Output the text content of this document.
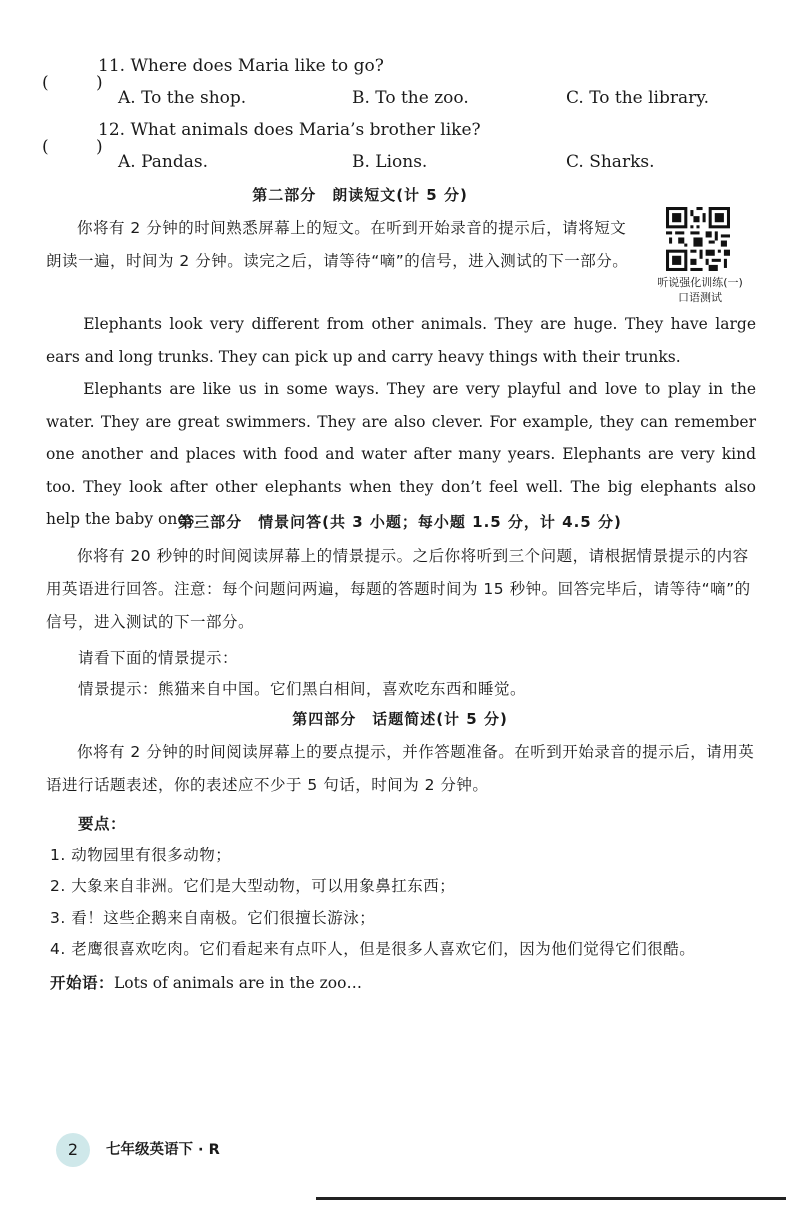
(	)
11. Where does Maria like to go?
A. To the shop.	B. To the zoo.	C. To the library.
(	)
12. What animals does Maria’s brother like?
A. Pandas.	B. Lions.	C. Sharks.
第二部分　朗读短文(计 5 分)
你将有 2 分钟的时间熟悉屏幕上的短文。在听到开始录音的提示后，请将短文朗读一遍，时间为 2 分钟。读完之后，请等待“嘀”的信号，进入测试的下一部分。
听说强化训练(一)
口语测试
Elephants look very different from other animals. They are huge. They have large ears and long trunks. They can pick up and carry heavy things with their trunks.
Elephants are like us in some ways. They are very playful and love to play in the water. They are great swimmers. They are also clever. For example, they can remember one another and places with food and water after many years. Elephants are very kind too. They look after other elephants when they don’t feel well. The big elephants also help the baby ones.
第三部分　情景问答(共 3 小题；每小题 1.5 分，计 4.5 分)
你将有 20 秒钟的时间阅读屏幕上的情景提示。之后你将听到三个问题，请根据情景提示的内容用英语进行回答。注意：每个问题问两遍，每题的答题时间为 15 秒钟。回答完毕后，请等待“嘀”的信号，进入测试的下一部分。
请看下面的情景提示：
情景提示：熊猫来自中国。它们黑白相间，喜欢吃东西和睡觉。
第四部分　话题简述(计 5 分)
你将有 2 分钟的时间阅读屏幕上的要点提示，并作答题准备。在听到开始录音的提示后，请用英语进行话题表述，你的表述应不少于 5 句话，时间为 2 分钟。
要点：
1. 动物园里有很多动物；
2. 大象来自非洲。它们是大型动物，可以用象鼻扛东西；
3. 看！这些企鹅来自南极。它们很擅长游泳；
4. 老鹰很喜欢吃肉。它们看起来有点吓人，但是很多人喜欢它们，因为他们觉得它们很酷。
开始语：Lots of animals are in the zoo…
2	七年级英语下 · R
